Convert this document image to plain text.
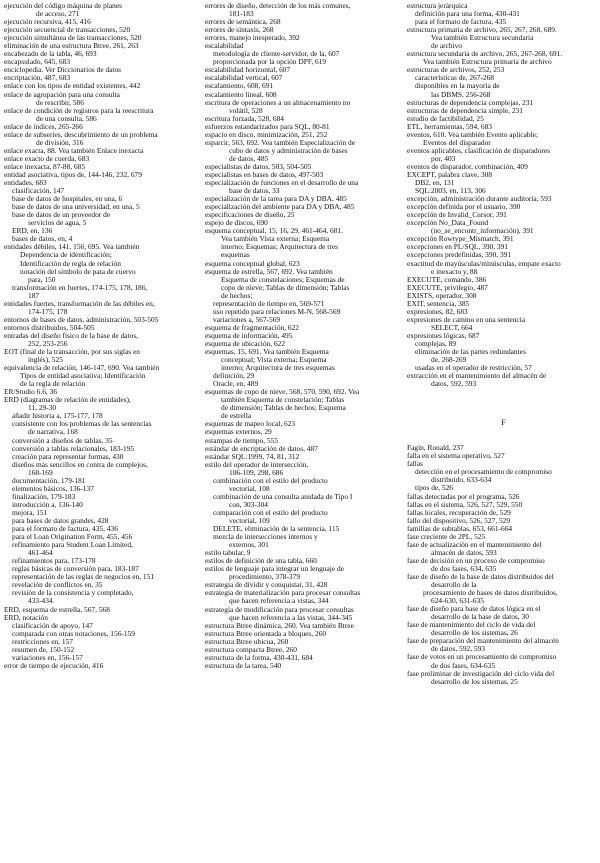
ejecución del código máquina de planes
de acceso, 271
ejecución recursiva, 415, 416
ejecución secuencial de transacciones, 520
ejecución simultánea de las transacciones, 520
eliminación de una estructura Btree, 261, 263
encabezado de la tabla, 46, 693
encapsulado, 645, 683
enciclopedia. Ver Diccionarios de datos
encriptación, 487, 683
enlace con los tipos de entidad existentes, 442
enlace de agrupación para una consulta
de rescribir, 586
enlace de condición de registros para la reescritura
de una consulta, 586
enlace de índices, 265-266
enlace de subseries, descubrimiento de un problema
de división, 316
enlace exacta, 88. Vea también Enlace inexacta
enlace exacto de cuerda, 683
enlace inexacta, 87-88, 685
entidad asociativa, tipos de, 144-146, 232, 679
entidades, 683
clasificación, 147
base de datos de hospitales, en una, 6
base de datos de una universidad, en una, 5
base de datos de un proveedor de
servicios de agua, 5
ERD, en, 136
bases de datos, en, 4
entidades débiles, 141, 156, 695. Vea también
Dependencia de identificación;
Identificación de regla de relación
notación del símbolo de pata de cuervo
para, 150
transformación en fuertes, 174-175, 178, 186,
187
entidades fuertes, transformación de las débiles en,
174-175, 178
entornos de bases de datos, administración, 503-505
entornos distribuidos, 504-505
entradas del diseño físico de la base de datos,
252, 253-256
EOT (final de la transacción, por sus siglas en
inglés), 525
equivalencia de relación, 146-147, 690. Vea también
Tipos de entidad asociativa; Identificación
de la regla de relación
ER/Studio 6.6, 36
ERD (diagramas de relación de entidades),
11, 29-30
añadir historia a, 175-177, 178
consistente con los problemas de las sentencias
de narrativa, 168
conversión a diseños de tablas, 35
conversión a tablas relacionales, 183-195
creación para representar formas, 430
diseños más sencillos en contra de complejos,
168-169
documentación, 179-181
elementos básicos, 136-137
finalización, 179-183
introducción a, 136-140
mejora, 151
para bases de datos grandes, 428
para el formato de factura, 435, 436
para el Loan Origination Form, 455, 456
refinamiento para Student Loan Limited,
461-464
refinamientos para, 173-178
reglas básicas de conversión para, 183-187
representación de las reglas de negocios en, 151
revelación de conflictos en, 35
revisión de la consistencia y completado,
433-434
ERD, esquema de estrella, 567, 568
ERD, notación
clasificación de apoyo, 147
comparada con otras notaciones, 156-159
restricciones en, 157
resumen de, 150-152
variaciones en, 156-157
error de tiempo de ejecución, 416
errores de diseño, detección de los más comunes,
181-183
errores de semántica, 268
errores de sintaxis, 268
errores, manejo inesperado, 392
escalabilidad
metodología de cliente-servidor, de la, 607
proporcionada por la opción DPF, 619
escalabilidad horizontal, 607
escalabilidad vertical, 607
escalamiento, 608, 691
escalamiento lineal, 608
escritura de operaciones a un almacenamiento no
volátil, 528
escritura forzada, 528, 684
esfuerzos estandarizados para SQL, 80-81
espacio en disco, minimización, 251, 252
esparcir, 563, 692. Vea también Especialización de
cubo de datos y administración de bases
de datos, 485
especialistas de datos, 503, 504-505
especialistas en bases de datos, 497-503
especialización de funciones en el desarrollo de una
base de datos, 33
especialización de la tarea para DA y DBA, 485
especialización del ambiente para DA y DBA, 485
especificaciones de diseño, 25
espejo de discos, 690
esquema conceptual, 15, 16, 29, 461-464, 681.
Vea también Vista externa; Esquema
interno; Esquemas; Arquitectura de tres
esquemas
esquema conceptual global, 623
esquema de estrella, 567, 692. Vea también
Esquema de constelaciones; Esquemas de
copo de nieve; Tablas de dimensión; Tablas
de hechos;
representación de tiempo en, 569-571
uso repetido para relaciones M-N, 568-569
variaciones a, 567-569
esquema de fragmentación, 622
esquema de información, 495
esquema de ubicación, 622
esquemas, 15, 691. Vea también Esquema
conceptual; Vista externa; Esquema
interno; Arquitectura de tres esquemas
definición, 29
Oracle, en, 489
esquemas de copo de nieve, 568, 570, 590, 692. Vea
también Esquema de constelación; Tablas
de dimensión; Tablas de hechos; Esquema
de estrella
esquemas de mapeo local, 623
esquemas externos, 29
estampas de tiempo, 555
estándar de encriptación de datos, 487
estándar SQL:1999, 74, 81, 312
estilo del operador de intersección,
106-109, 298, 686
combinación con el estilo del producto
vectorial, 108
combinación de una consulta anidada de Tipo I
con, 303-304
comparación con el estilo del producto
vectorial, 109
DELETE, eliminación de la sentencia, 115
mezcla de intersecciones internos y
externos, 301
estilo tabular, 9
estilos de definición de una tabla, 660
estilos de lenguaje para integrar un lenguaje de
procedimiento, 378-379
estrategia de dividir y conquistar, 31, 428
estrategia de materialización para procesar consultas
que hacen referencia a vistas, 344
estrategia de modificación para procesar consultas
que hacen referencia a las vistas, 344-345
estructura Btree dinámica, 260. Vea también Btree
estructura Btree orientada a bloques, 260
estructura Btree ubicua, 260
estructura compacta Btree, 260
estructura de la forma, 430-431, 684
estructura de la tarea, 540
estructura jerárquica
definición para una forma, 430-431
para el formato de factura, 435
estructura primaria de archivo, 265, 267, 268, 689.
Vea también Estructura secundaria
de archivo
estructura secundaria de archivo, 265, 267-268, 691.
Vea también Estructura primaria de archivo
estructuras de archivos, 252, 253
características de, 267-268
disponibles en la mayoría de
las DBMS, 256-268
estructuras de dependencia complejas, 231
estructuras de dependencia simple, 231
estudio de factibilidad, 25
ETL, herramientas, 594, 683
eventos, 610. Vea también Evento aplicable;
Eventos del disparador
eventos aplicables, clasificación de disparadores
por, 403
eventos de disparador, combinación, 409
EXCEPT, palabra clave, 308
DB2, en, 131
SQL:2003, en, 113, 306
excepción, administración durante auditoría, 593
excepción definida por el usuario, 390
excepción de Invalid_Cursor, 391
excepción No_Data_Found
(no_se_encontr_información), 391
excepción Rowtype_Mismatch, 391
excepciones en PL/SQL, 390, 391
excepciones predefinidas, 390, 391
exactitud de mayúsculas/minúsculas, empate exacto
e inexacto y, 88
EXECUTE, comando, 386
EXECUTE, privilegio, 487
EXISTS, operador, 308
EXIT, sentencia, 385
expresiones, 82, 683
expresiones de camino en una sentencia
SELECT, 664
expresiones lógicas, 687
complejas, 89
eliminación de las partes redundantes
de, 268-269
usadas en el operador de restricción, 57
extracción en el mantenimiento del almacén de
datos, 592, 593
F
Fagin, Ronald, 237
falla en el sistema operativo, 527
fallas
detección en el procesamiento de compromiso
distribuido, 633-634
tipos de, 526
fallas detectadas por el programa, 526
fallas en el sistema, 526, 527, 529, 550
fallas locales, recuperación de, 529
fallo del dispositivo, 526, 527, 529
familias de subtablas, 653, 661-664
fase creciente de 2PL, 525
fase de actualización en el mantenimiento del
almacén de datos, 593
fase de decisión en un proceso de compromiso
de dos fases, 634, 635
fase de diseño de la base de datos distribuidos del
desarrollo de la
procesamiento de bases de datos distribuidos,
624-630, 631-635
fase de diseño para base de datos lógica en el
desarrollo de la base de datos, 30
fase de mantenimiento del ciclo de vida del
desarrollo de los sistemas, 26
fase de preparación del mantenimiento del almacén
de datos, 592, 593
fase de votos en un procesamiento de compromiso
de dos fases, 634-635
fase preliminar de investigación del ciclo vida del
desarrollo de los sistemas, 25
